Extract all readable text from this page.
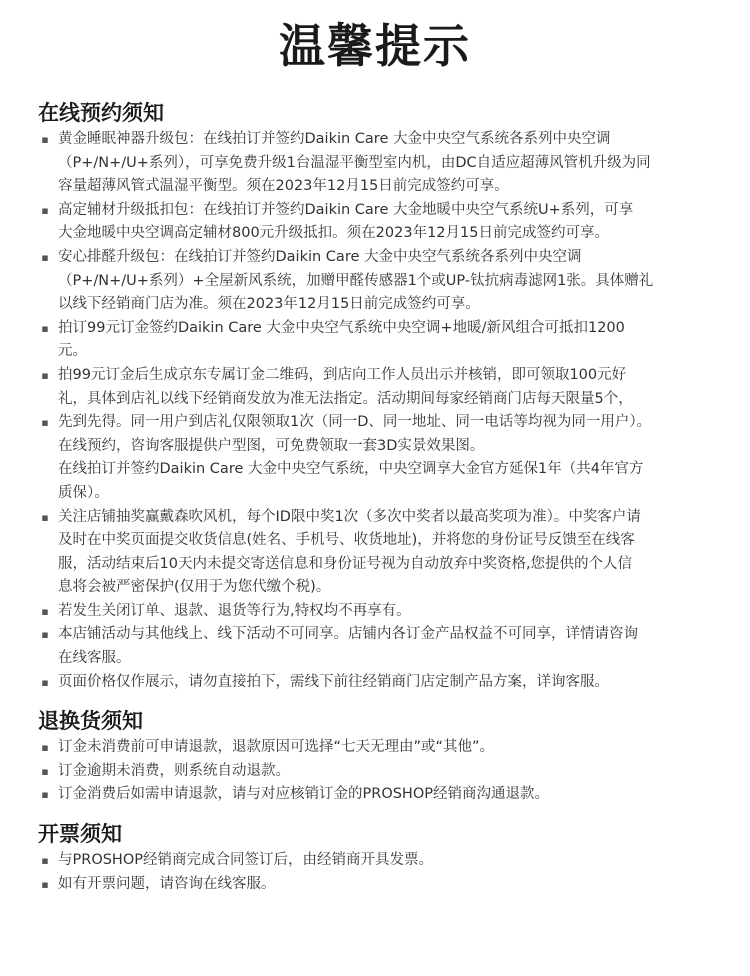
温馨提示
在线预约须知
▪ 黄金睡眠神器升级包：在线拍订并签约Daikin Care 大金中央空气系统各系列中央空调
（P+/N+/U+系列），可享免费升级1台温湿平衡型室内机，由DC自适应超薄风管机升级为同
容量超薄风管式温湿平衡型。须在2023年12月15日前完成签约可享。
▪ 高定辅材升级抵扣包：在线拍订并签约Daikin Care 大金地暖中央空气系统U+系列，可享
大金地暖中央空调高定辅材800元升级抵扣。须在2023年12月15日前完成签约可享。
▪ 安心排醛升级包：在线拍订并签约Daikin Care 大金中央空气系统各系列中央空调
（P+/N+/U+系列）+全屋新风系统，加赠甲醛传感器1个或UP-钛抗病毒滤网1张。具体赠礼
以线下经销商门店为准。须在2023年12月15日前完成签约可享。
▪ 拍订99元订金签约Daikin Care 大金中央空气系统中央空调+地暖/新风组合可抵扣1200
元。
▪ 拍99元订金后生成京东专属订金二维码，到店向工作人员出示并核销，即可领取100元好
礼，具体到店礼以线下经销商发放为准无法指定。活动期间每家经销商门店每天限量5个，
▪ 先到先得。同一用户到店礼仅限领取1次（同一D、同一地址、同一电话等均视为同一用户）。
在线预约，咨询客服提供户型图，可免费领取一套3D实景效果图。
在线拍订并签约Daikin Care 大金中央空气系统，中央空调享大金官方延保1年（共4年官方
质保）。
▪ 关注店铺抽奖赢戴森吹风机，每个ID限中奖1次（多次中奖者以最高奖项为准）。中奖客户请
及时在中奖页面提交收货信息(姓名、手机号、收货地址)，并将您的身份证号反馈至在线客
服，活动结束后10天内未提交寄送信息和身份证号视为自动放弃中奖资格,您提供的个人信
息将会被严密保护(仅用于为您代缴个税)。
▪ 若发生关闭订单、退款、退货等行为,特权均不再享有。
▪ 本店铺活动与其他线上、线下活动不可同享。店铺内各订金产品权益不可同享，详情请咨询
在线客服。
▪ 页面价格仅作展示，请勿直接拍下，需线下前往经销商门店定制产品方案，详询客服。
退换货须知
▪ 订金未消费前可申请退款，退款原因可选择“七天无理由”或“其他”。
▪ 订金逾期未消费，则系统自动退款。
▪ 订金消费后如需申请退款，请与对应核销订金的PROSHOP经销商沟通退款。
开票须知
▪ 与PROSHOP经销商完成合同签订后，由经销商开具发票。
▪ 如有开票问题，请咨询在线客服。
